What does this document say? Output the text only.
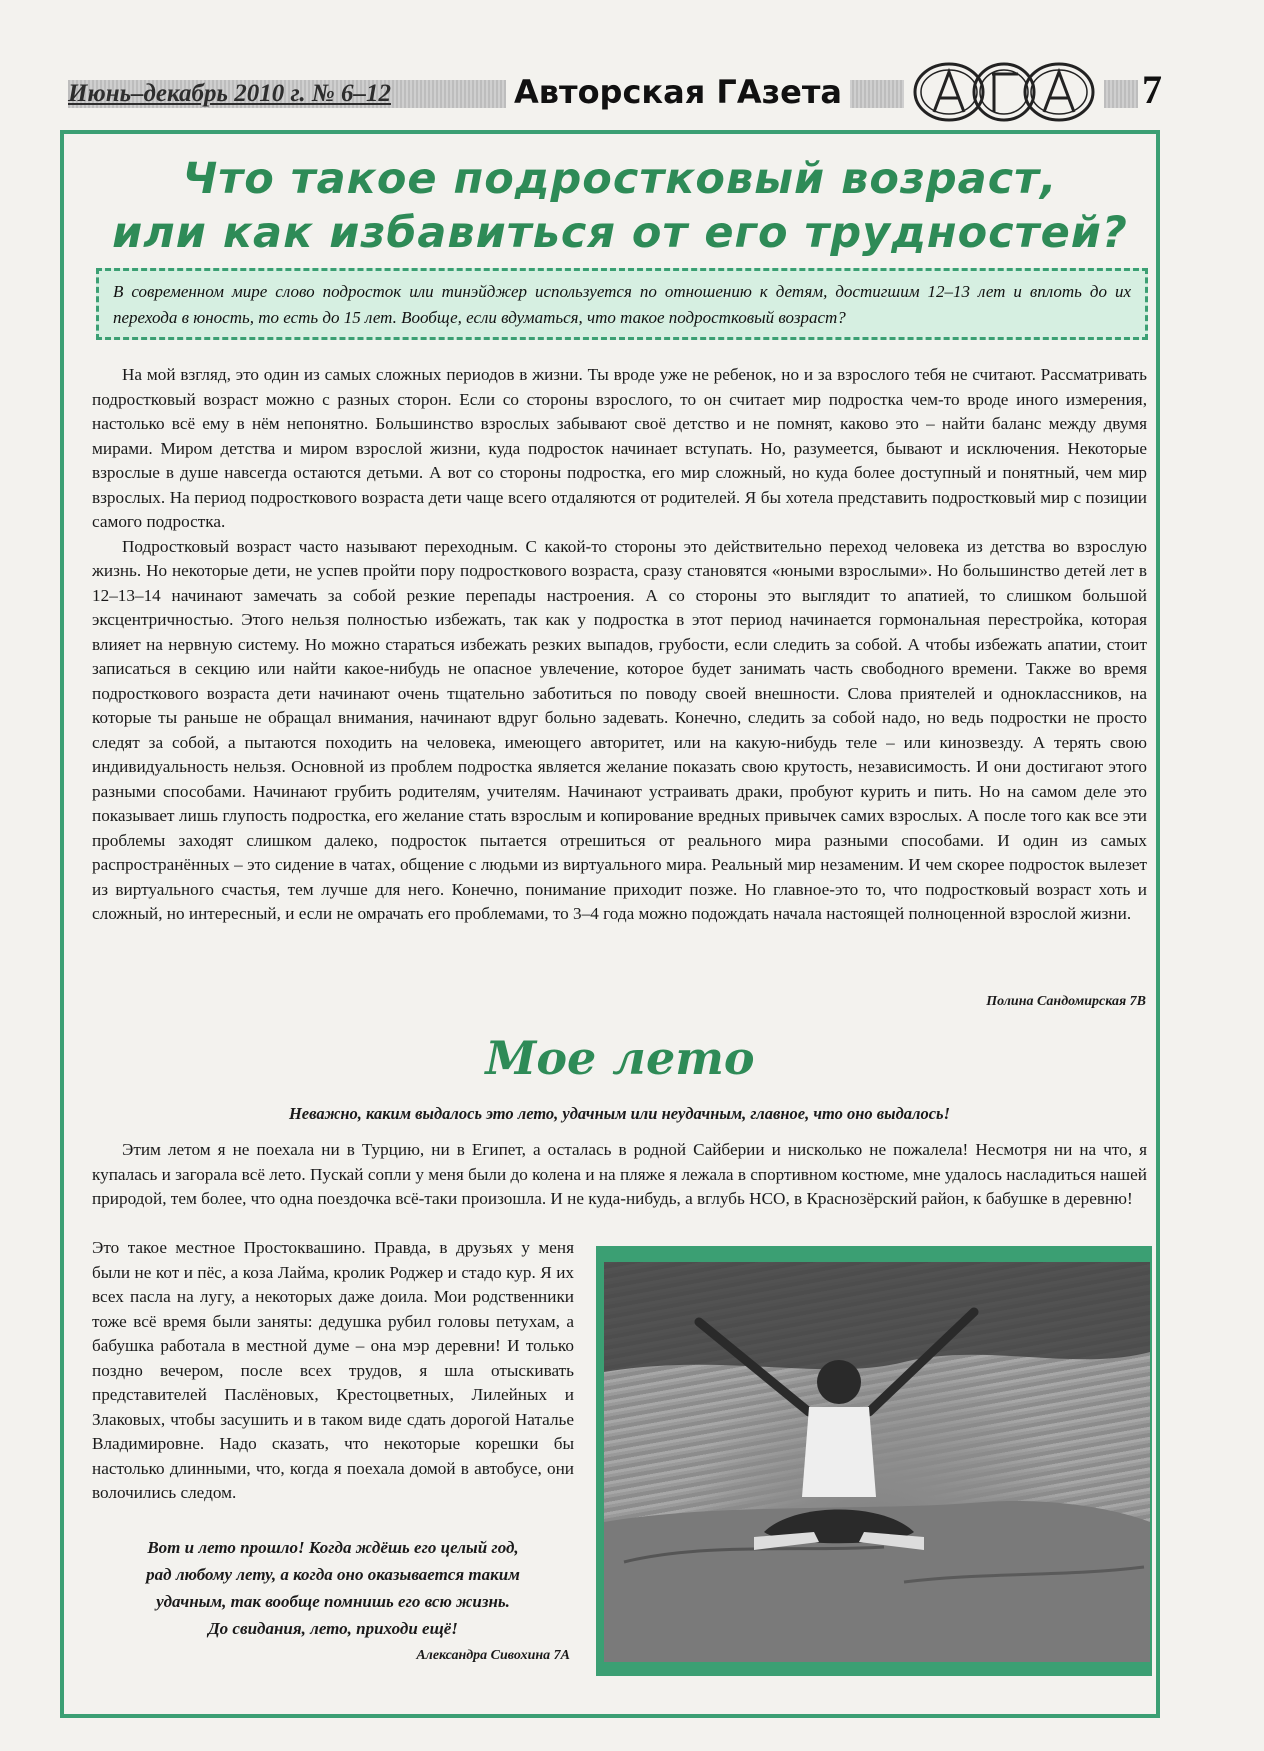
Июнь–декабрь 2010 г. № 6–12	Авторская ГАзета	7
Что такое подростковый возраст,
или как избавиться от его трудностей?
В современном мире слово подросток или тинэйджер используется по отношению к детям, достигшим 12–13 лет и вплоть до их перехода в юность, то есть до 15 лет. Вообще, если вдуматься, что такое подростковый возраст?

На мой взгляд, это один из самых сложных периодов в жизни. Ты вроде уже не ребенок, но и за взрослого тебя не считают. Рассматривать подростковый возраст можно с разных сторон. Если со стороны взрослого, то он считает мир подростка чем-то вроде иного измерения, настолько всё ему в нём непонятно. Большинство взрослых забывают своё детство и не помнят, каково это – найти баланс между двумя мирами. Миром детства и миром взрослой жизни, куда подросток начинает вступать. Но, разумеется, бывают и исключения. Некоторые взрослые в душе навсегда остаются детьми. А вот со стороны подростка, его мир сложный, но куда более доступный и понятный, чем мир взрослых. На период подросткового возраста дети чаще всего отдаляются от родителей. Я бы хотела представить подростковый мир с позиции самого подростка.

Подростковый возраст часто называют переходным. С какой-то стороны это действительно переход человека из детства во взрослую жизнь. Но некоторые дети, не успев пройти пору подросткового возраста, сразу становятся «юными взрослыми». Но большинство детей лет в 12–13–14 начинают замечать за собой резкие перепады настроения. А со стороны это выглядит то апатией, то слишком большой эксцентричностью. Этого нельзя полностью избежать, так как у подростка в этот период начинается гормональная перестройка, которая влияет на нервную систему. Но можно стараться избежать резких выпадов, грубости, если следить за собой. А чтобы избежать апатии, стоит записаться в секцию или найти какое-нибудь не опасное увлечение, которое будет занимать часть свободного времени. Также во время подросткового возраста дети начинают очень тщательно заботиться по поводу своей внешности. Слова приятелей и одноклассников, на которые ты раньше не обращал внимания, начинают вдруг больно задевать. Конечно, следить за собой надо, но ведь подростки не просто следят за собой, а пытаются походить на человека, имеющего авторитет, или на какую-нибудь теле – или кинозвезду. А терять свою индивидуальность нельзя. Основной из проблем подростка является желание показать свою крутость, независимость. И они достигают этого разными способами. Начинают грубить родителям, учителям. Начинают устраивать драки, пробуют курить и пить. Но на самом деле это показывает лишь глупость подростка, его желание стать взрослым и копирование вредных привычек самих взрослых. А после того как все эти проблемы заходят слишком далеко, подросток пытается отрешиться от реального мира разными способами. И один из самых распространённых – это сидение в чатах, общение с людьми из виртуального мира. Реальный мир незаменим. И чем скорее подросток вылезет из виртуального счастья, тем лучше для него. Конечно, понимание приходит позже. Но главное-это то, что подростковый возраст хоть и сложный, но интересный, и если не омрачать его проблемами, то 3–4 года можно подождать начала настоящей полноценной взрослой жизни.

Полина Сандомирская 7В
Мое лето
Неважно, каким выдалось это лето, удачным или неудачным, главное, что оно выдалось!

Этим летом я не поехала ни в Турцию, ни в Египет, а осталась в родной Сайберии и нисколько не пожалела! Несмотря ни на что, я купалась и загорала всё лето. Пускай сопли у меня были до колена и на пляже я лежала в спортивном костюме, мне удалось насладиться нашей природой, тем более, что одна поездочка всё-таки произошла. И не куда-нибудь, а вглубь НСО, в Краснозёрский район, к бабушке в деревню!

Это такое местное Простоквашино. Правда, в друзьях у меня были не кот и пёс, а коза Лайма, кролик Роджер и стадо кур. Я их всех пасла на лугу, а некоторых даже доила. Мои родственники тоже всё время были заняты: дедушка рубил головы петухам, а бабушка работала в местной думе – она мэр деревни! И только поздно вечером, после всех трудов, я шла отыскивать представителей Паслёновых, Крестоцветных, Лилейных и Злаковых, чтобы засушить и в таком виде сдать дорогой Наталье Владимировне. Надо сказать, что некоторые корешки бы настолько длинными, что, когда я поехала домой в автобусе, они волочились следом.
Вот и лето прошло! Когда ждёшь его целый год,
рад любому лету, а когда оно оказывается таким
удачным, так вообще помнишь его всю жизнь.
До свидания, лето, приходи ещё!
Александра Сивохина 7А
